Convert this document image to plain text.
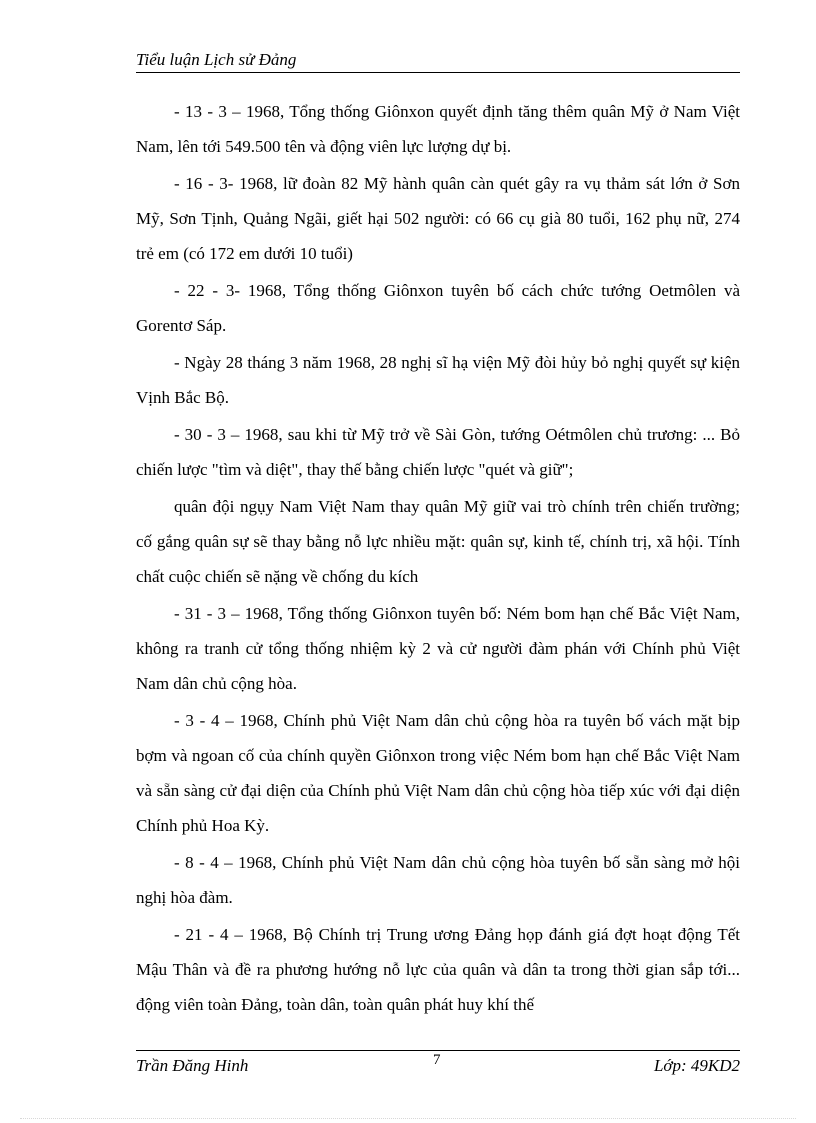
Tiểu luận Lịch sử Đảng

- 13 - 3 – 1968, Tổng thống Giônxon quyết định tăng thêm quân Mỹ ở Nam Việt Nam, lên tới 549.500 tên và động viên lực lượng dự bị.

- 16 - 3- 1968, lữ đoàn 82 Mỹ hành quân càn quét gây ra vụ thảm sát lớn ở Sơn Mỹ, Sơn Tịnh, Quảng Ngãi, giết hại 502 người: có 66 cụ già 80 tuổi, 162 phụ nữ, 274 trẻ em (có 172 em dưới 10 tuổi)

- 22 - 3- 1968, Tổng thống Giônxon tuyên bố cách chức tướng Oetmôlen và Gorentơ Sáp.

- Ngày 28 tháng 3 năm 1968, 28 nghị sĩ hạ viện Mỹ đòi hủy bỏ nghị quyết sự kiện Vịnh Bắc Bộ.

- 30 - 3 – 1968, sau khi từ Mỹ trở về Sài Gòn, tướng Oétmôlen chủ trương: ... Bỏ chiến lược "tìm và diệt", thay thế bằng chiến lược "quét và giữ";

quân đội ngụy Nam Việt Nam thay quân Mỹ giữ vai trò chính trên chiến trường; cố gắng quân sự sẽ thay bằng nỗ lực nhiều mặt: quân sự, kinh tế, chính trị, xã hội. Tính chất cuộc chiến sẽ nặng về chống du kích

- 31 - 3 – 1968, Tổng thống Giônxon tuyên bố: Ném bom hạn chế Bắc Việt Nam, không ra tranh cử tổng thống nhiệm kỳ 2 và cử người đàm phán với Chính phủ Việt Nam dân chủ cộng hòa.

- 3 - 4 – 1968, Chính phủ Việt Nam dân chủ cộng hòa ra tuyên bố vách mặt bịp bợm và ngoan cố của chính quyền Giônxon trong việc Ném bom hạn chế Bắc Việt Nam và sẵn sàng cử đại diện của Chính phủ Việt Nam dân chủ cộng hòa tiếp xúc với đại diện Chính phủ Hoa Kỳ.

- 8 - 4 – 1968, Chính phủ Việt Nam dân chủ cộng hòa tuyên bố sẵn sàng mở hội nghị hòa đàm.

- 21 - 4 – 1968, Bộ Chính trị Trung ương Đảng họp đánh giá đợt hoạt động Tết Mậu Thân và đề ra phương hướng nỗ lực của quân và dân ta trong thời gian sắp tới... động viên toàn Đảng, toàn dân, toàn quân phát huy khí thế

Trần Đăng Hinh	7	Lớp: 49KD2
